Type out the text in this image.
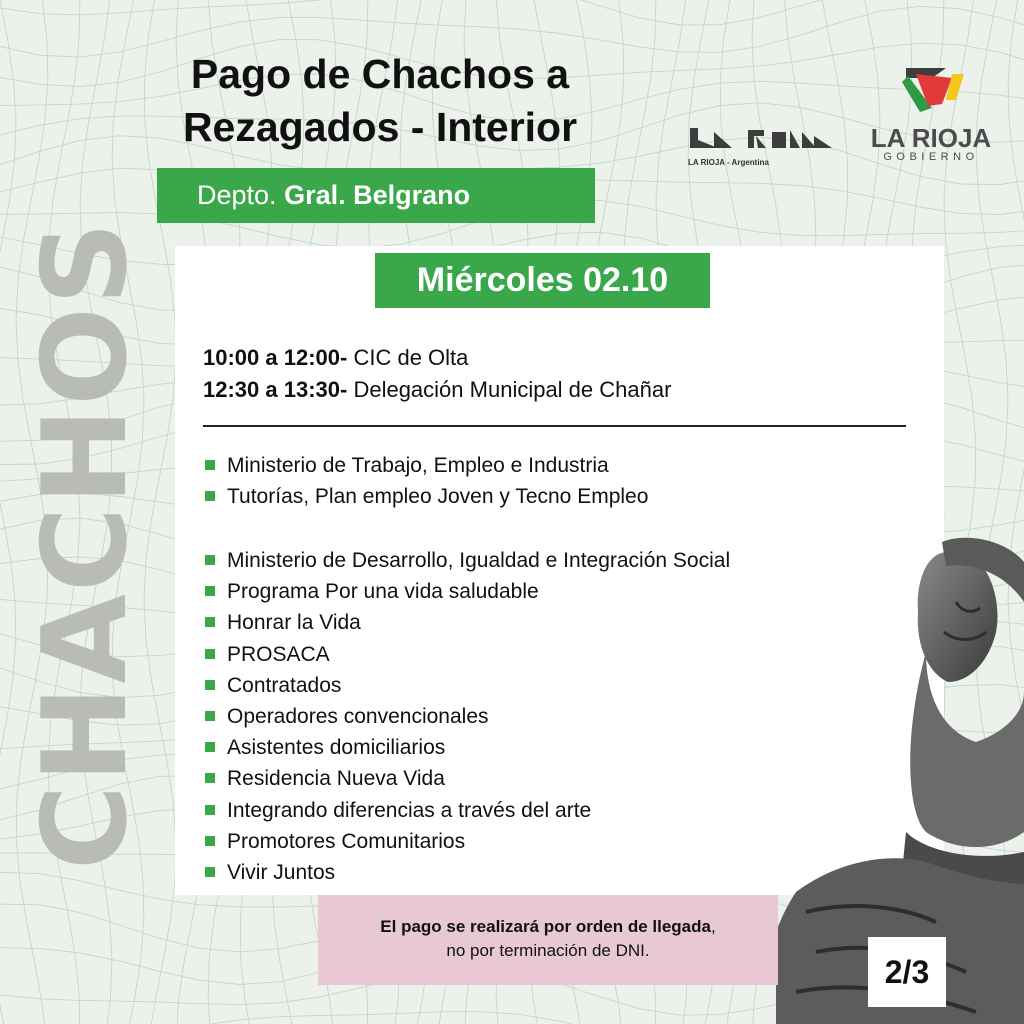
CHACHOS
Pago de Chachos a
Rezagados - Interior
Depto. Gral. Belgrano
LA RIOJA - Argentina
LA RIOJA
GOBIERNO
Miércoles 02.10
10:00 a 12:00- CIC de Olta
12:30 a 13:30- Delegación Municipal de Chañar
Ministerio de Trabajo, Empleo e Industria
Tutorías, Plan empleo Joven y Tecno Empleo
Ministerio de Desarrollo, Igualdad e Integración Social
Programa Por una vida saludable
Honrar la Vida
PROSACA
Contratados
Operadores convencionales
Asistentes domiciliarios
Residencia Nueva Vida
Integrando diferencias a través del arte
Promotores Comunitarios
Vivir Juntos
El pago se realizará por orden de llegada,
no por terminación de DNI.
2/3
